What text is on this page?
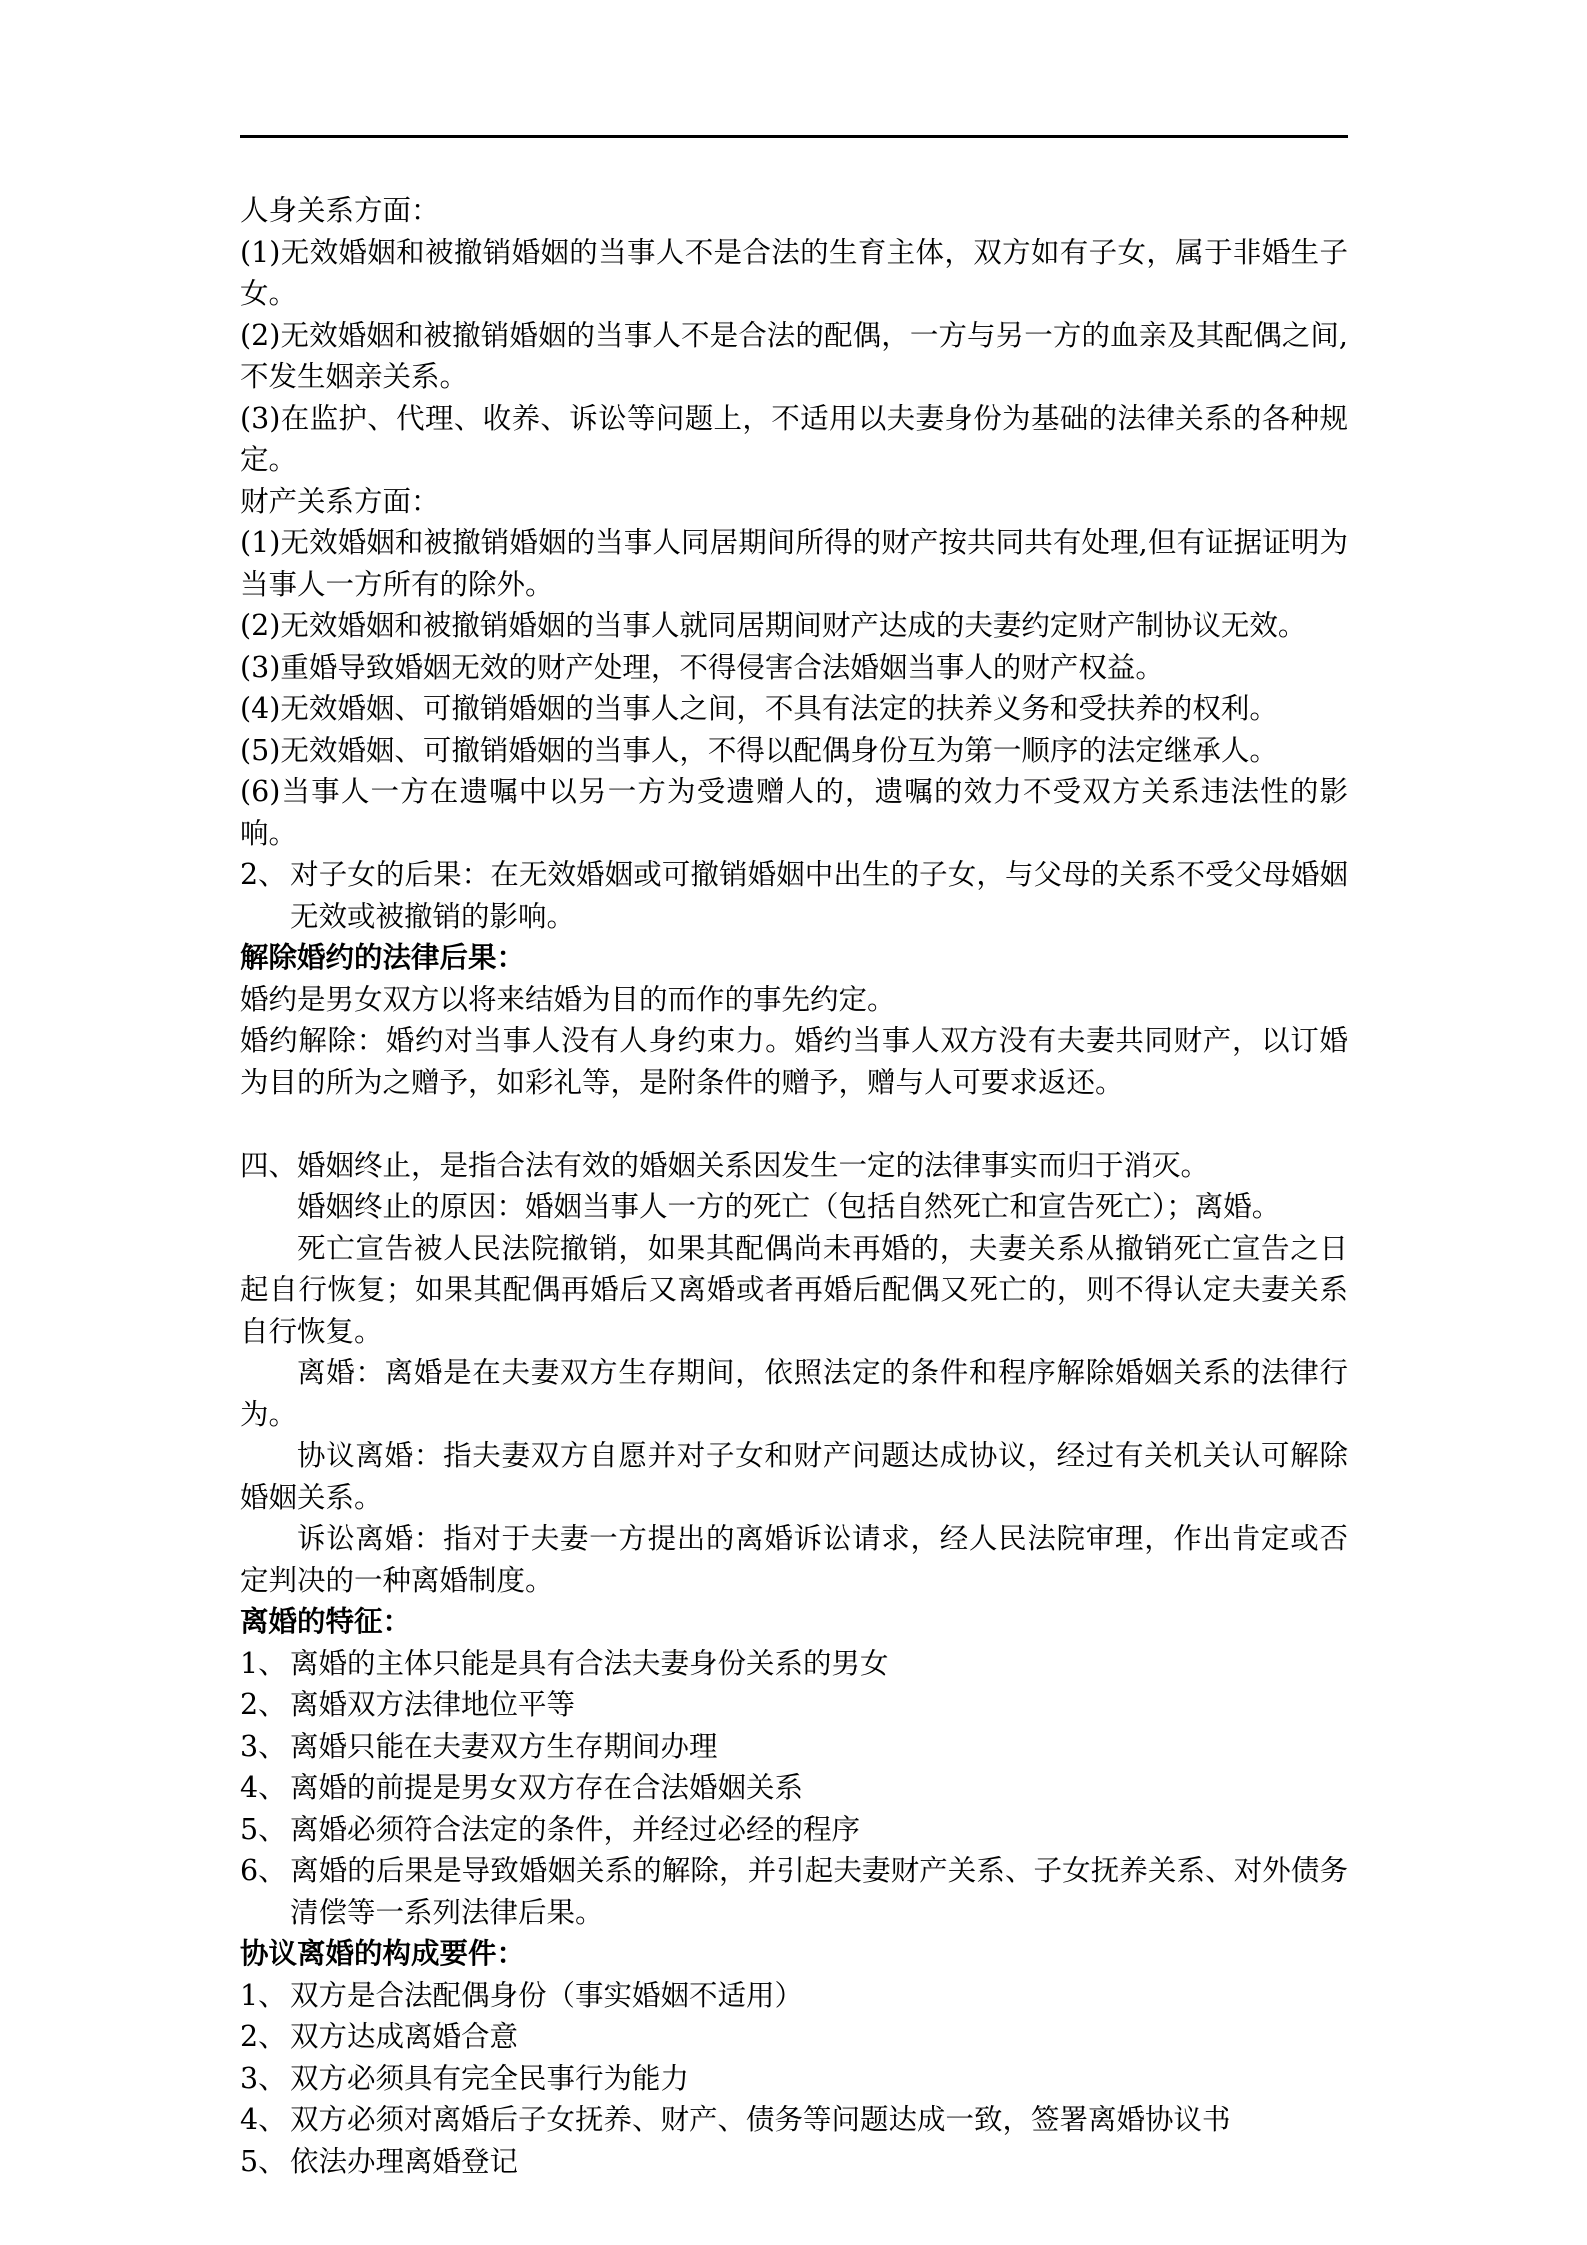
人身关系方面：

(1)无效婚姻和被撤销婚姻的当事人不是合法的生育主体，双方如有子女，属于非婚生子女。

(2)无效婚姻和被撤销婚姻的当事人不是合法的配偶，一方与另一方的血亲及其配偶之间,不发生姻亲关系。

(3)在监护、代理、收养、诉讼等问题上，不适用以夫妻身份为基础的法律关系的各种规定。

财产关系方面：

(1)无效婚姻和被撤销婚姻的当事人同居期间所得的财产按共同共有处理,但有证据证明为当事人一方所有的除外。

(2)无效婚姻和被撤销婚姻的当事人就同居期间财产达成的夫妻约定财产制协议无效。

(3)重婚导致婚姻无效的财产处理，不得侵害合法婚姻当事人的财产权益。

(4)无效婚姻、可撤销婚姻的当事人之间，不具有法定的扶养义务和受扶养的权利。

(5)无效婚姻、可撤销婚姻的当事人，不得以配偶身份互为第一顺序的法定继承人。

(6)当事人一方在遗嘱中以另一方为受遗赠人的，遗嘱的效力不受双方关系违法性的影响。

2、 对子女的后果：在无效婚姻或可撤销婚姻中出生的子女，与父母的关系不受父母婚姻无效或被撤销的影响。

解除婚约的法律后果：

婚约是男女双方以将来结婚为目的而作的事先约定。

婚约解除：婚约对当事人没有人身约束力。婚约当事人双方没有夫妻共同财产，以订婚为目的所为之赠予，如彩礼等，是附条件的赠予，赠与人可要求返还。

四、婚姻终止，是指合法有效的婚姻关系因发生一定的法律事实而归于消灭。

婚姻终止的原因：婚姻当事人一方的死亡（包括自然死亡和宣告死亡）；离婚。

死亡宣告被人民法院撤销，如果其配偶尚未再婚的，夫妻关系从撤销死亡宣告之日起自行恢复；如果其配偶再婚后又离婚或者再婚后配偶又死亡的，则不得认定夫妻关系自行恢复。

离婚：离婚是在夫妻双方生存期间，依照法定的条件和程序解除婚姻关系的法律行为。

协议离婚：指夫妻双方自愿并对子女和财产问题达成协议，经过有关机关认可解除婚姻关系。

诉讼离婚：指对于夫妻一方提出的离婚诉讼请求，经人民法院审理，作出肯定或否定判决的一种离婚制度。

离婚的特征：

1、 离婚的主体只能是具有合法夫妻身份关系的男女

2、 离婚双方法律地位平等

3、 离婚只能在夫妻双方生存期间办理

4、 离婚的前提是男女双方存在合法婚姻关系

5、 离婚必须符合法定的条件，并经过必经的程序

6、 离婚的后果是导致婚姻关系的解除，并引起夫妻财产关系、子女抚养关系、对外债务清偿等一系列法律后果。

协议离婚的构成要件：

1、 双方是合法配偶身份（事实婚姻不适用）

2、 双方达成离婚合意

3、 双方必须具有完全民事行为能力

4、 双方必须对离婚后子女抚养、财产、债务等问题达成一致，签署离婚协议书

5、 依法办理离婚登记
